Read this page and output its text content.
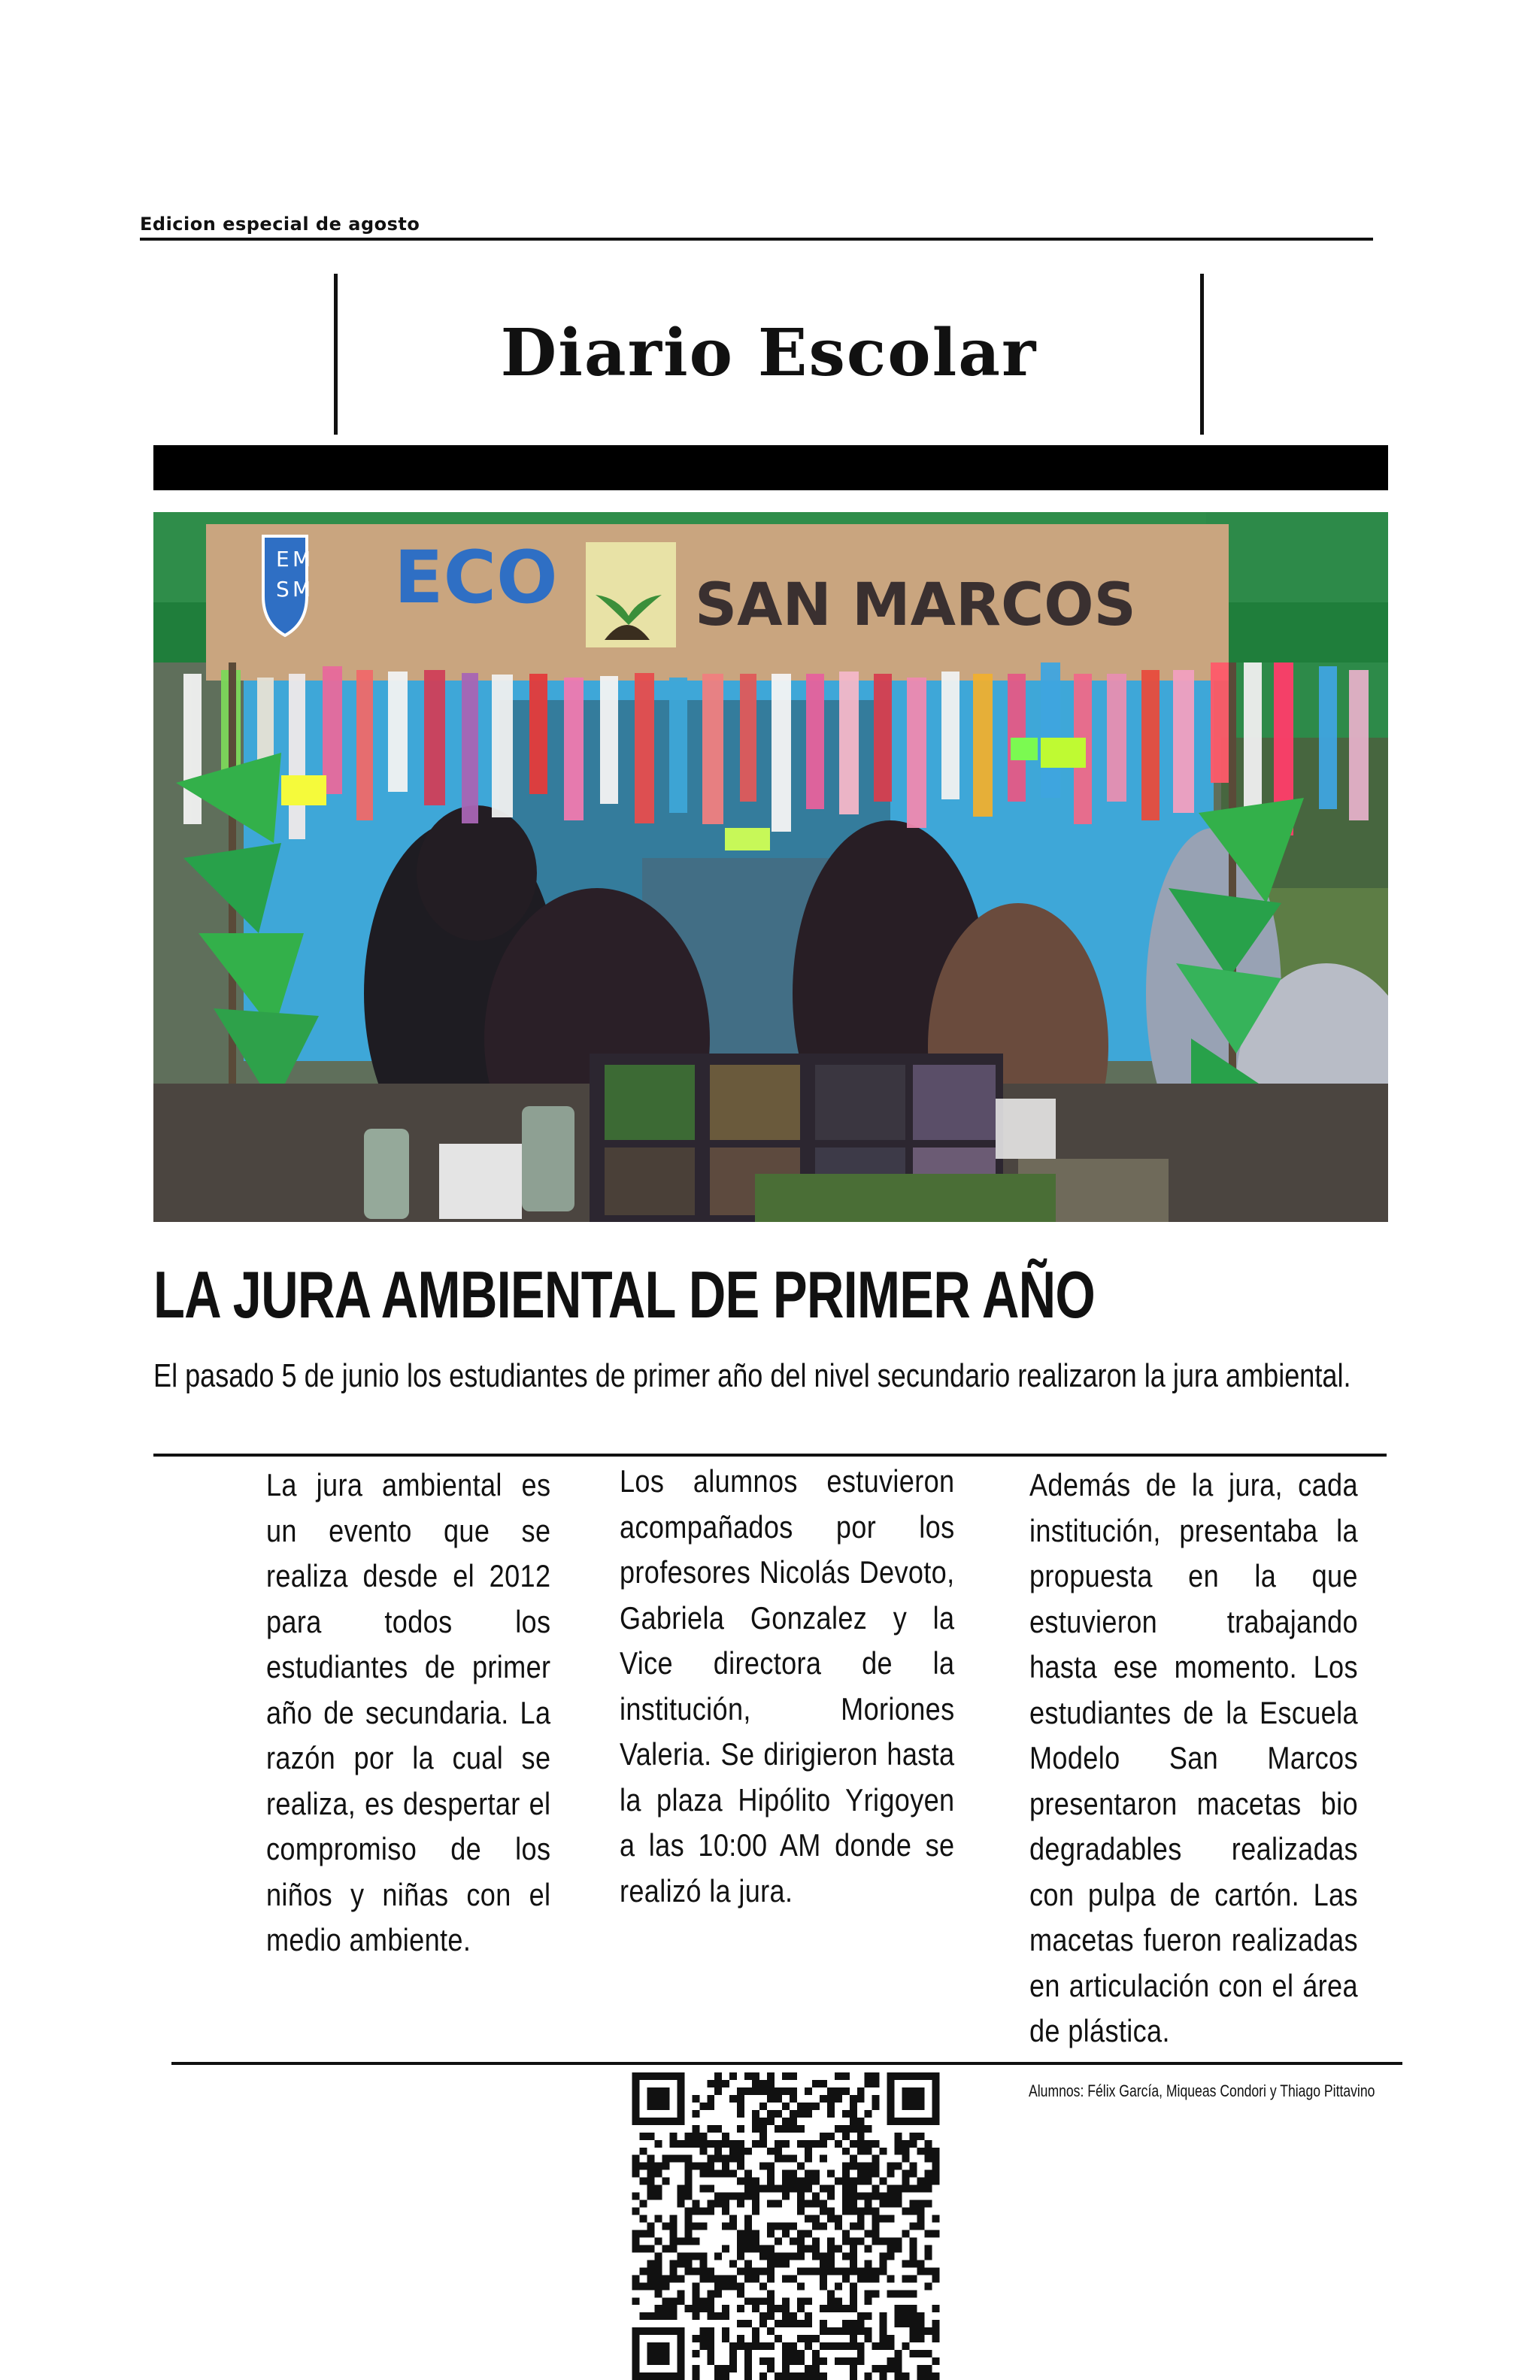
Edicion especial de agosto
Diario Escolar
E M
S M ECO SAN MARCOS
LA JURA AMBIENTAL DE PRIMER AÑO
El pasado 5 de junio los estudiantes de primer año del nivel secundario realizaron la jura ambiental.
La jura ambiental es un evento que se realiza desde el 2012 para todos los estudiantes de primer año de secundaria. La razón por la cual se realiza, es despertar el compromiso de los niños y niñas con el medio ambiente.
Los alumnos estuvieron acompañados por los profesores Nicolás Devoto, Gabriela Gonzalez y la Vice directora de la institución, Moriones Valeria. Se dirigieron hasta la plaza Hipólito Yrigoyen a las 10:00 AM donde se realizó la jura.
Además de la jura, cada institución, presentaba la propuesta en la que estuvieron trabajando hasta ese momento. Los estudiantes de la Escuela Modelo San Marcos presentaron macetas bio degradables realizadas con pulpa de cartón. Las macetas fueron realizadas en articulación con el área de plástica.
Alumnos: Félix García, Miqueas Condori y Thiago Pittavino
